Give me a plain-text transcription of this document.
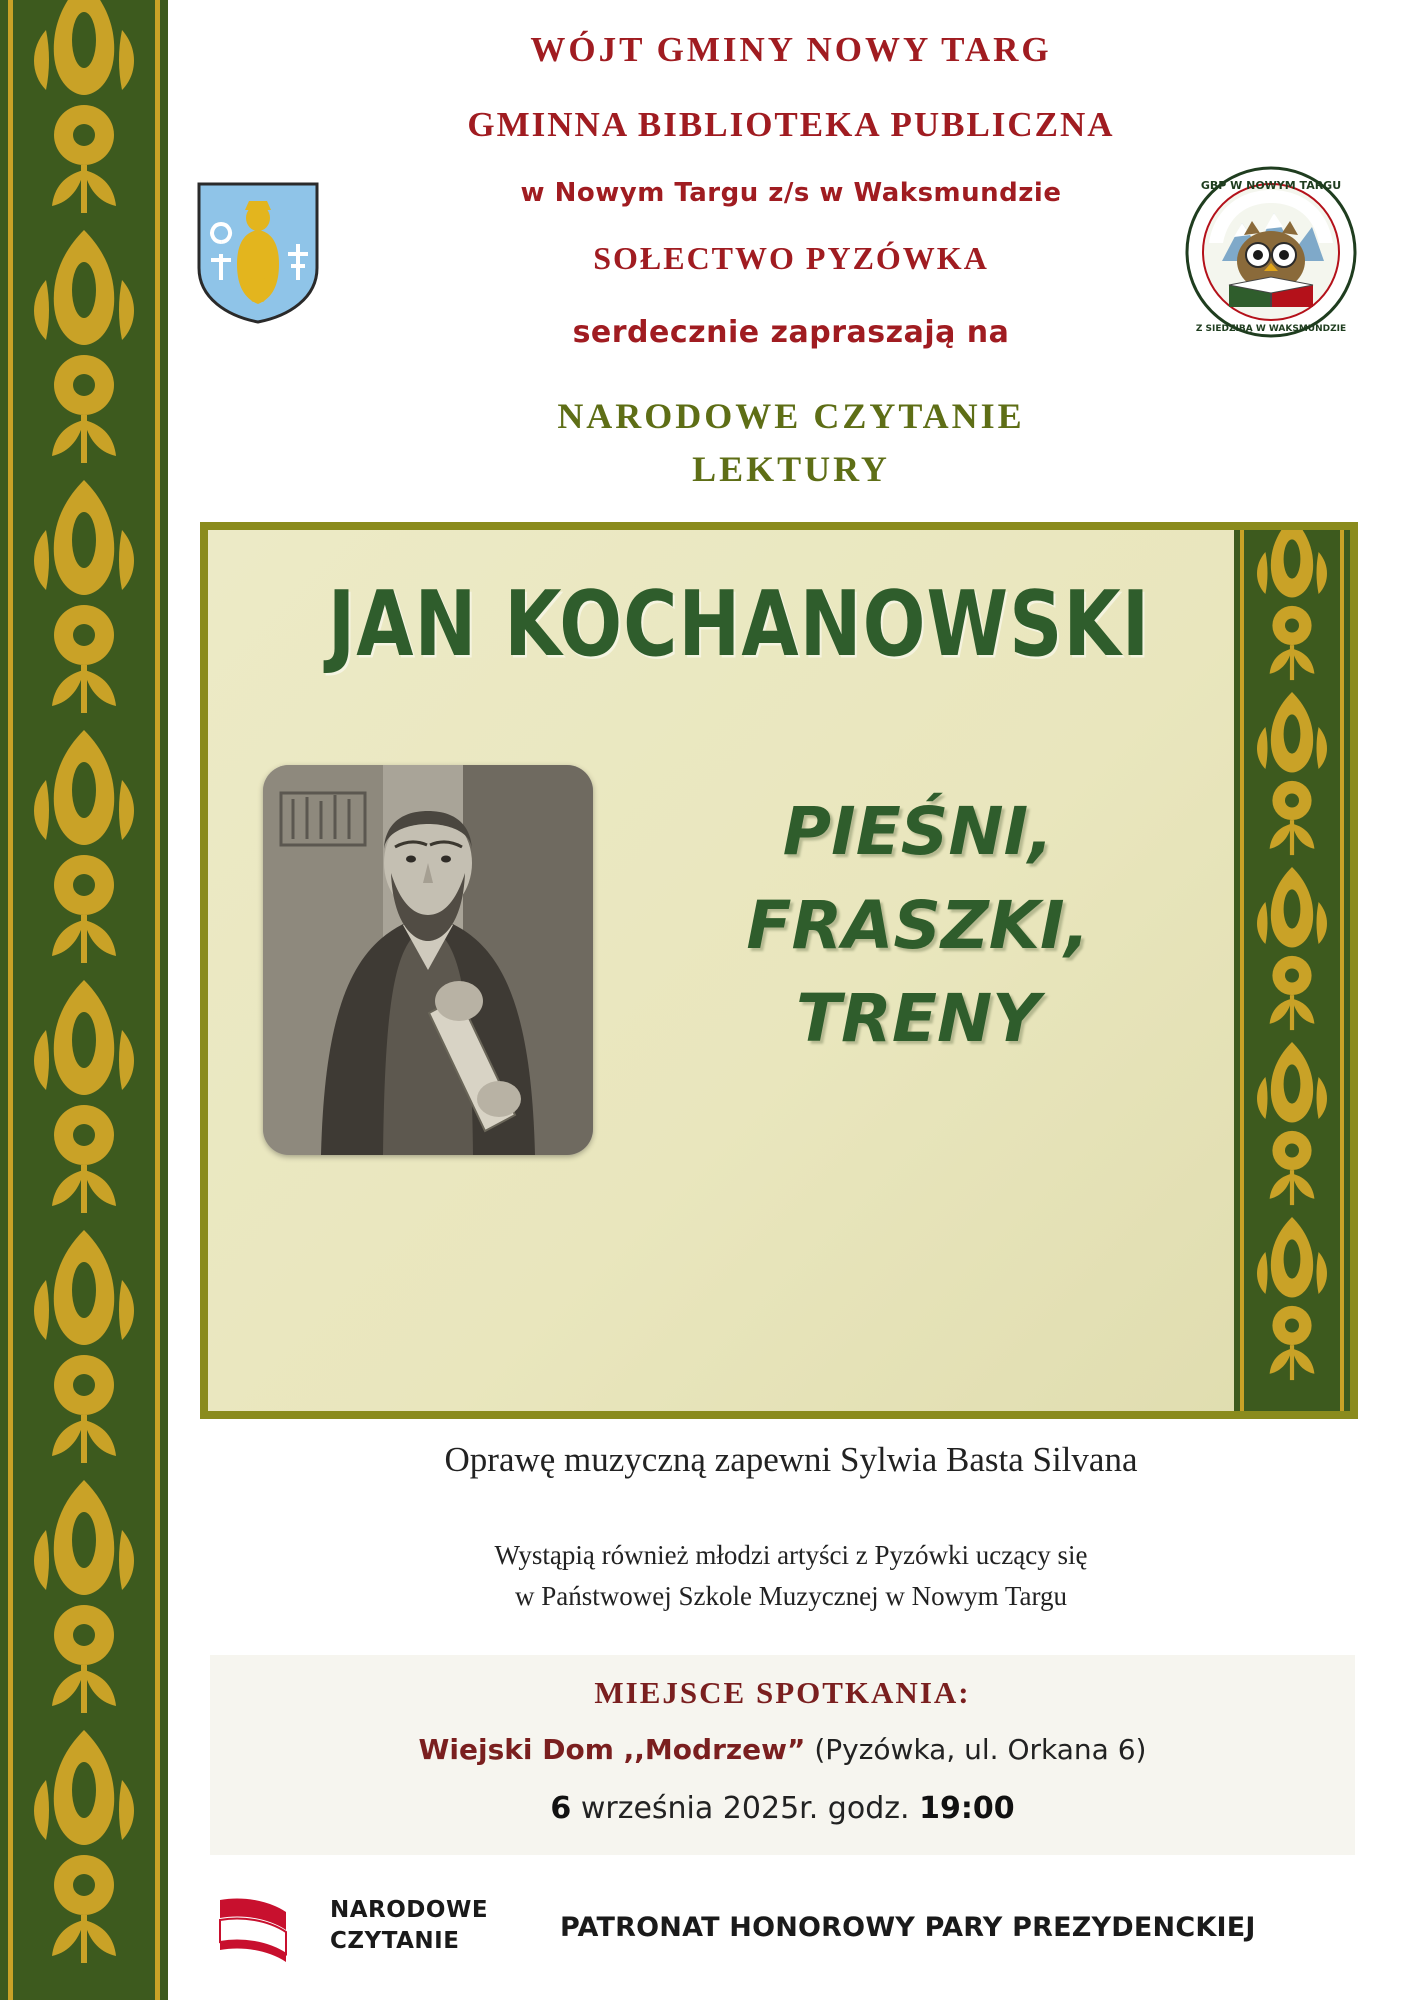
WÓJT GMINY NOWY TARG
GMINNA BIBLIOTEKA PUBLICZNA
w Nowym Targu z/s w Waksmundzie
SOŁECTWO PYZÓWKA
serdecznie zapraszają na
NARODOWE CZYTANIE
LEKTURY
GBP W NOWYM TARGU
Z SIEDZIBĄ W WAKSMUNDZIE
JAN KOCHANOWSKI
PIEŚNI,
FRASZKI,
TRENY
Oprawę muzyczną zapewni Sylwia Basta Silvana
Wystąpią również młodzi artyści z Pyzówki uczący się
w Państwowej Szkole Muzycznej w Nowym Targu
MIEJSCE SPOTKANIA:
Wiejski Dom ,,Modrzew” (Pyzówka, ul. Orkana 6)
6 września 2025r. godz. 19:00
NARODOWE
CZYTANIE	PATRONAT HONOROWY PARY PREZYDENCKIEJ
